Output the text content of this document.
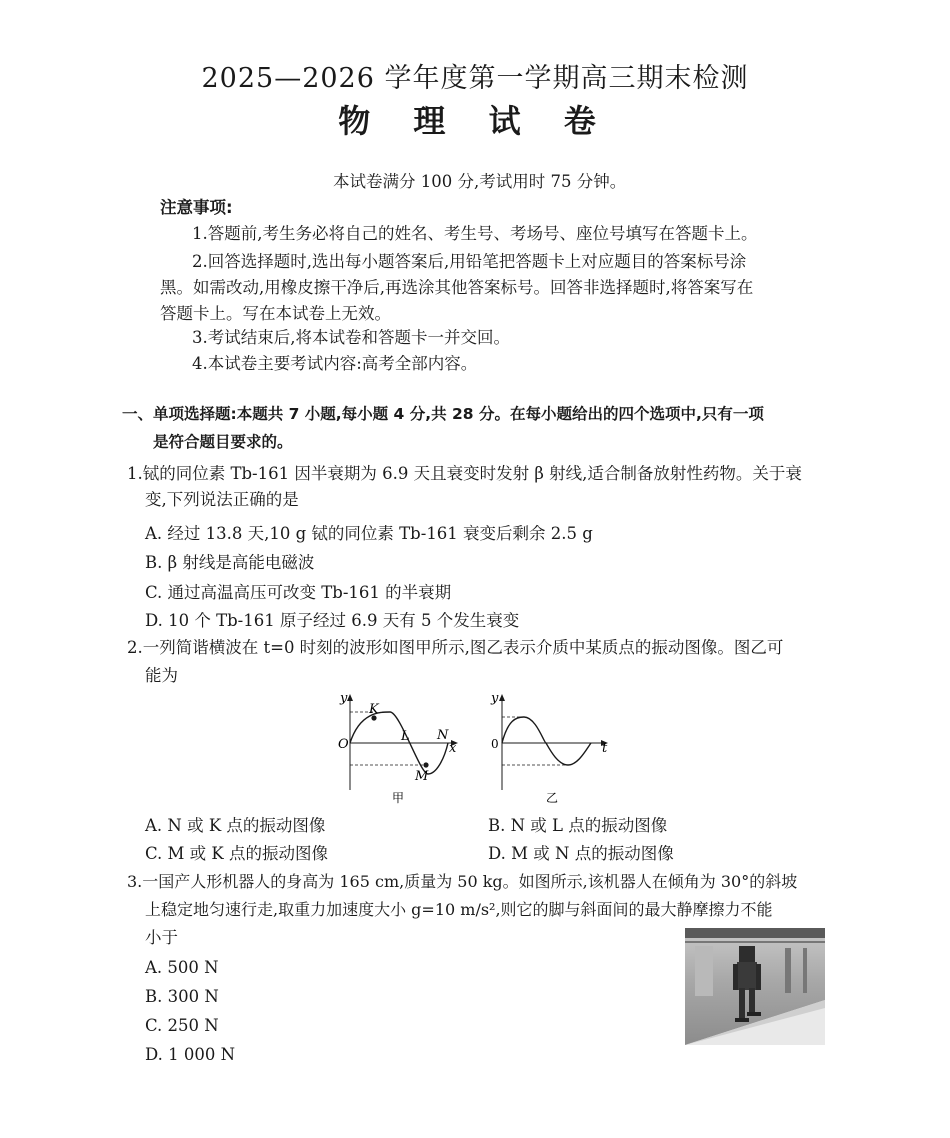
2025—2026 学年度第一学期高三期末检测
物 理 试 卷
本试卷满分 100 分,考试用时 75 分钟。
注意事项:
1.答题前,考生务必将自己的姓名、考生号、考场号、座位号填写在答题卡上。
2.回答选择题时,选出每小题答案后,用铅笔把答题卡上对应题目的答案标号涂
黑。如需改动,用橡皮擦干净后,再选涂其他答案标号。回答非选择题时,将答案写在
答题卡上。写在本试卷上无效。
3.考试结束后,将本试卷和答题卡一并交回。
4.本试卷主要考试内容:高考全部内容。
一、单项选择题:本题共 7 小题,每小题 4 分,共 28 分。在每小题给出的四个选项中,只有一项
是符合题目要求的。
1.铽的同位素 Tb-161 因半衰期为 6.9 天且衰变时发射 β 射线,适合制备放射性药物。关于衰
变,下列说法正确的是
A. 经过 13.8 天,10 g 铽的同位素 Tb-161 衰变后剩余 2.5 g
B. β 射线是高能电磁波
C. 通过高温高压可改变 Tb-161 的半衰期
D. 10 个 Tb-161 原子经过 6.9 天有 5 个发生衰变
2.一列简谐横波在 t=0 时刻的波形如图甲所示,图乙表示介质中某质点的振动图像。图乙可
能为
y
O
K
L N
M
x
甲
y
0	t
乙
A. N 或 K 点的振动图像	B. N 或 L 点的振动图像
C. M 或 K 点的振动图像	D. M 或 N 点的振动图像
3.一国产人形机器人的身高为 165 cm,质量为 50 kg。如图所示,该机器人在倾角为 30°的斜坡
上稳定地匀速行走,取重力加速度大小 g=10 m/s²,则它的脚与斜面间的最大静摩擦力不能
小于
A. 500 N
B. 300 N
C. 250 N
D. 1 000 N
